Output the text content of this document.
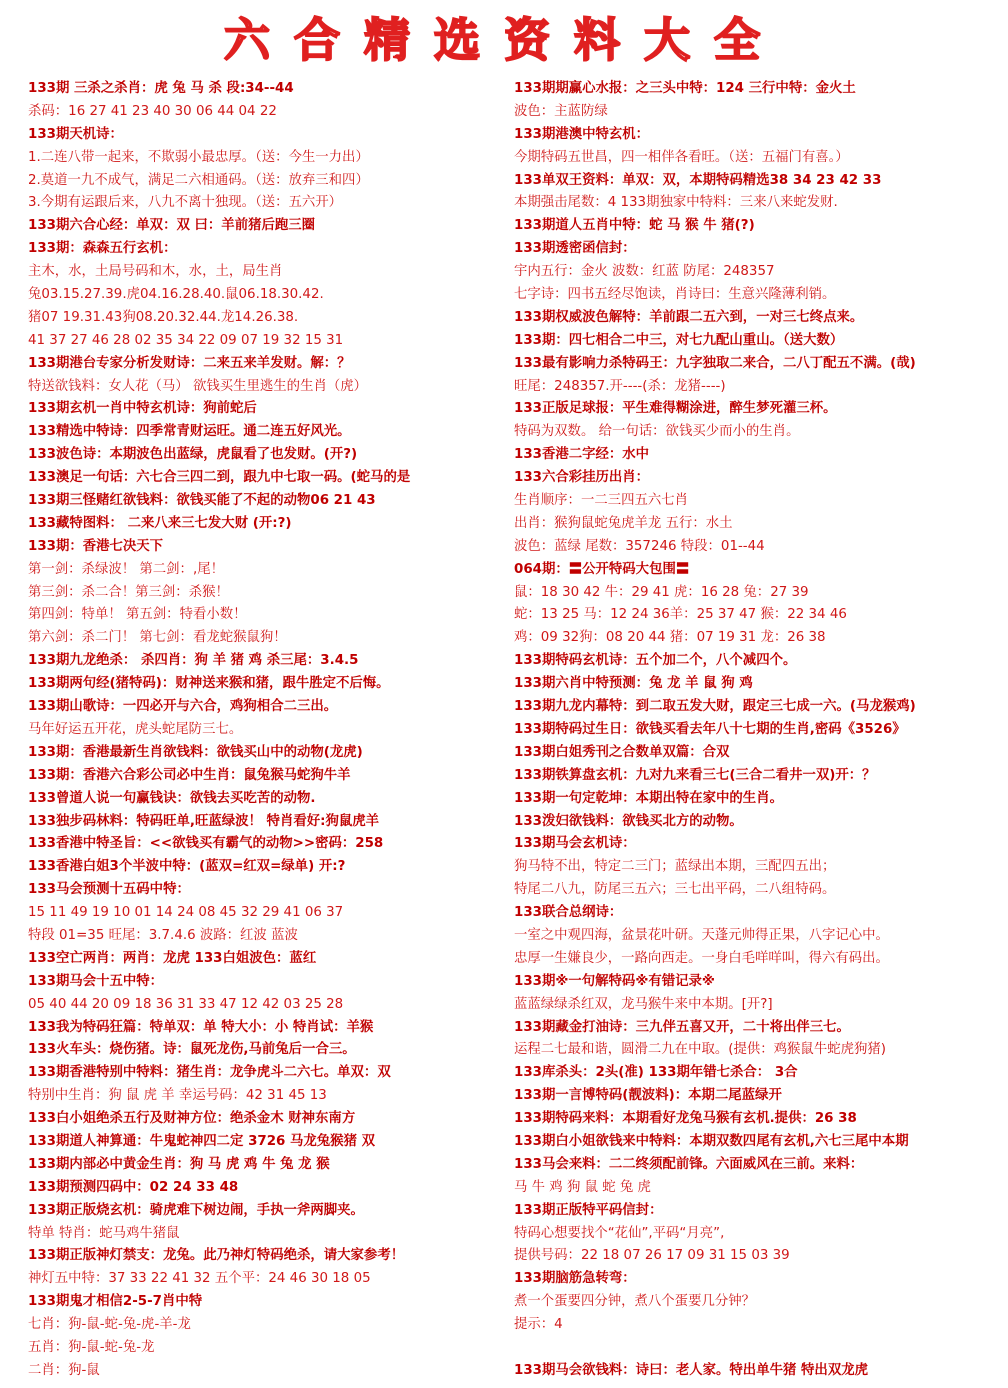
六合精选资料大全
133期 三杀之杀肖：虎 兔 马 杀 段:34--44
杀码：16 27 41 23 40 30 06 44 04 22
133期天机诗：
1.二连八带一起来，不欺弱小最忠厚。（送：今生一力出）
2.莫道一九不成气，满足二六相通码。（送：放弃三和四）
3.今期有运跟后来，八九不离十独现。（送：五六开）
133期六合心经：单双：双 曰：羊前猪后跑三圈
133期：森森五行玄机：
主木，水，土局号码和木，水，土，局生肖
兔03.15.27.39.虎04.16.28.40.鼠06.18.30.42.
猪07 19.31.43狗08.20.32.44.龙14.26.38.
41 37 27 46 28 02 35 34 22 09 07 19 32 15 31
133期港台专家分析发财诗：二来五来羊发财。解：？
特送欲钱料：女人花（马） 欲钱买生里逃生的生肖（虎）
133期玄机一肖中特玄机诗：狗前蛇后
133精选中特诗：四季常青财运旺。通二连五好风光。
133波色诗：本期波色出蓝绿，虎鼠看了也发财。(开?)
133澳足一句话：六七合三四二到，跟九中七取一码。(蛇马的是
133期三怪赌红欲钱料：欲钱买能了不起的动物06 21 43
133藏特图料： 二来八来三七发大财 (开:?)
133期：香港七决天下
第一剑：杀绿波！ 第二剑：,尾！
第三剑：杀二合！第三剑：杀猴！
第四剑：特单！ 第五剑：特看小数！
第六剑：杀二门！ 第七剑：看龙蛇猴鼠狗！
133期九龙绝杀： 杀四肖：狗 羊 猪 鸡 杀三尾：3.4.5
133期两句经(猪特码)：财神送来猴和猪，跟牛胜定不后悔。
133期山歌诗：一四必开与六合，鸡狗相合二三出。
马年好运五开花，虎头蛇尾防三七。
133期：香港最新生肖欲钱料：欲钱买山中的动物(龙虎)
133期：香港六合彩公司必中生肖：鼠兔猴马蛇狗牛羊
133曾道人说一句赢钱诀：欲钱去买吃苦的动物.
133独步码林料：特码旺单,旺蓝绿波！ 特肖看好:狗鼠虎羊
133香港中特圣旨：<<欲钱买有霸气的动物>>密码：258
133香港白姐3个半波中特：(蓝双=红双=绿单) 开:?
133马会预测十五码中特：
15 11 49 19 10 01 14 24 08 45 32 29 41 06 37
特段 01=35 旺尾：3.7.4.6 波路：红波 蓝波
133空亡两肖：两肖：龙虎 133白姐波色：蓝红
133期马会十五中特：
05 40 44 20 09 18 36 31 33 47 12 42 03 25 28
133我为特码狂篇：特单双：单 特大小：小 特肖试：羊猴
133火车头：烧伤猪。诗：鼠死龙伤,马前兔后一合三。
133期香港特别中特料：猪生肖：龙争虎斗二六七。单双：双
特别中生肖：狗 鼠 虎 羊 幸运号码：42 31 45 13
133白小姐绝杀五行及财神方位：绝杀金木 财神东南方
133期道人神算通：牛鬼蛇神四二定 3726 马龙兔猴猪 双
133期内部必中黄金生肖：狗 马 虎 鸡 牛 兔 龙 猴
133期预测四码中：02 24 33 48
133期正版烧玄机：骑虎难下树边闹，手执一斧两脚夹。
特单 特肖：蛇马鸡牛猪鼠
133期正版神灯禁支：龙兔。此乃神灯特码绝杀，请大家参考！
神灯五中特：37 33 22 41 32 五个平：24 46 30 18 05
133期鬼才相信2-5-7肖中特
七肖：狗-鼠-蛇-兔-虎-羊-龙
五肖：狗-鼠-蛇-兔-龙
二肖：狗-鼠
133期期赢心水报：之三头中特：124 三行中特：金火土
波色：主蓝防绿
133期港澳中特玄机：
今期特码五世昌，四一相伴各看旺。（送：五福门有喜。）
133单双王资料：单双：双，本期特码精选38 34 23 42 33
本期强击尾数：4 133期独家中特料：三来八来蛇发财.
133期道人五肖中特：蛇 马 猴 牛 猪(?)
133期透密函信封：
宇内五行：金火 波数：红蓝 防尾：248357
七字诗：四书五经尽饱读，肖诗曰：生意兴隆薄利销。
133期权威波色解特：羊前跟二五六到，一对三七终点来。
133期：四七相合二中三，对七九配山重山。（送大数）
133最有影响力杀特码王：九字独取二来合，二八丁配五不满。(哉)
旺尾：248357.开----(杀：龙猪----)
133正版足球报：平生难得糊涂进，醉生梦死灌三杯。
特码为双数。 给一句话：欲钱买少而小的生肖。
133香港二字经：水中
133六合彩挂历出肖：
生肖顺序：一二三四五六七肖
出肖：猴狗鼠蛇兔虎羊龙 五行：水土
波色：蓝绿 尾数：357246 特段：01--44
064期：〓公开特码大包围〓
鼠：18 30 42 牛：29 41 虎：16 28 兔：27 39
蛇：13 25 马：12 24 36羊：25 37 47 猴：22 34 46
鸡：09 32狗：08 20 44 猪：07 19 31 龙：26 38
133期特码玄机诗：五个加二个，八个减四个。
133期六肖中特预测：兔 龙 羊 鼠 狗 鸡
133期九龙内幕特：到二取五发大财，跟定三七成一六。(马龙猴鸡)
133期特码过生日：欲钱买看去年八十七期的生肖,密码《3526》
133期白姐秀刊之合数单双篇：合双
133期铁算盘玄机：九对九来看三七(三合二看井一双)开：？
133期一句定乾坤：本期出特在家中的生肖。
133泼妇欲钱料：欲钱买北方的动物。
133期马会玄机诗：
狗马特不出，特定二三门；蓝绿出本期，三配四五出；
特尾二八九，防尾三五六；三七出平码，二八组特码。
133联合总纲诗：
一室之中观四海，盆景花叶研。天蓬元帅得正果，八字记心中。
忠厚一生嫌良少，一路向西走。一身白毛咩咩叫，得六有码出。
133期※一句解特码※有错记录※
蓝蓝绿绿杀红双，龙马猴牛来中本期。[开?]
133期藏金打油诗：三九伴五喜又开，二十将出伴三七。
运程二七最和谐，圆滑二九在中取。(提供：鸡猴鼠牛蛇虎狗猪)
133库杀头：2头(准) 133期年错七杀合： 3合
133期一言博特码(靓波料)：本期二尾蓝绿开
133期特码来料：本期看好龙兔马猴有玄机.提供：26 38
133期白小姐欲钱来中特料：本期双数四尾有玄机,六七三尾中本期
133马会来料：二二终须配前锋。六面威风在三前。来料：
马 牛 鸡 狗 鼠 蛇 兔 虎
133期正版特平码信封：
特码心想要找个“花仙”,平码“月亮”,
提供号码：22 18 07 26 17 09 31 15 03 39
133期脑筋急转弯：
煮一个蛋要四分钟，煮八个蛋要几分钟？
提示：4
133期马会欲钱料：诗曰：老人家。特出单牛猪 特出双龙虎
